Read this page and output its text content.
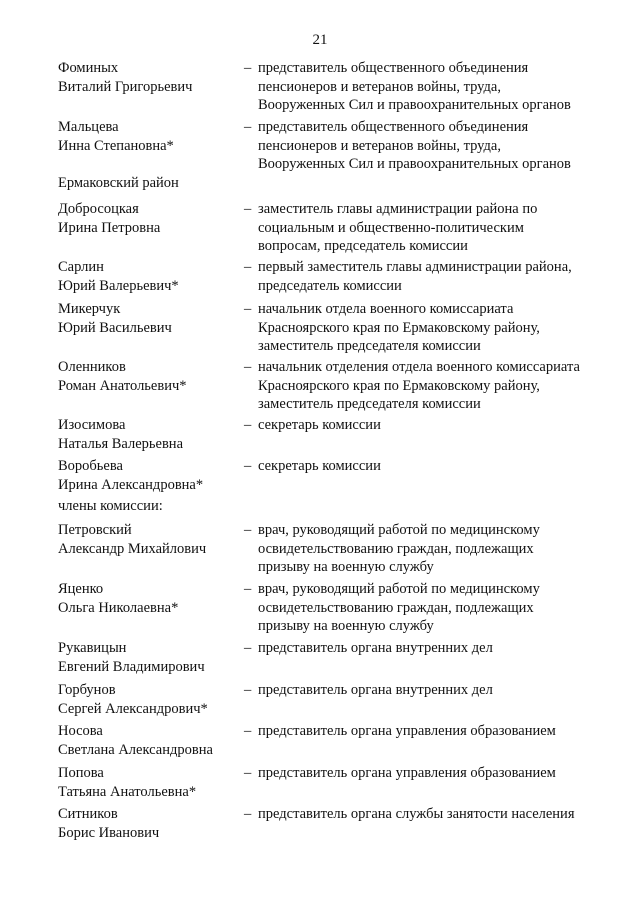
21
Ермаковский район
члены комиссии:
Фоминых
Виталий Григорьевич
– представитель общественного объединения
пенсионеров и ветеранов войны, труда,
Вооруженных Сил и правоохранительных органов
Мальцева
Инна Степановна*
– представитель общественного объединения
пенсионеров и ветеранов войны, труда,
Вооруженных Сил и правоохранительных органов
Добросоцкая
Ирина Петровна
– заместитель главы администрации района по
социальным и общественно-политическим
вопросам, председатель комиссии
Сарлин
Юрий Валерьевич*
– первый заместитель главы администрации района,
председатель комиссии
Микерчук
Юрий Васильевич
– начальник отдела военного комиссариата
Красноярского края по Ермаковскому району,
заместитель председателя комиссии
Оленников
Роман Анатольевич*
– начальник отделения отдела военного комиссариата
Красноярского края по Ермаковскому району,
заместитель председателя комиссии
Изосимова
Наталья Валерьевна
– секретарь комиссии
Воробьева
Ирина Александровна*
– секретарь комиссии
Петровский
Александр Михайлович
– врач, руководящий работой по медицинскому
освидетельствованию граждан, подлежащих
призыву на военную службу
Яценко
Ольга Николаевна*
– врач, руководящий работой по медицинскому
освидетельствованию граждан, подлежащих
призыву на военную службу
Рукавицын
Евгений Владимирович
– представитель органа внутренних дел
Горбунов
Сергей Александрович*
– представитель органа внутренних дел
Носова
Светлана Александровна
– представитель органа управления образованием
Попова
Татьяна Анатольевна*
– представитель органа управления образованием
Ситников
Борис Иванович
– представитель органа службы занятости населения
